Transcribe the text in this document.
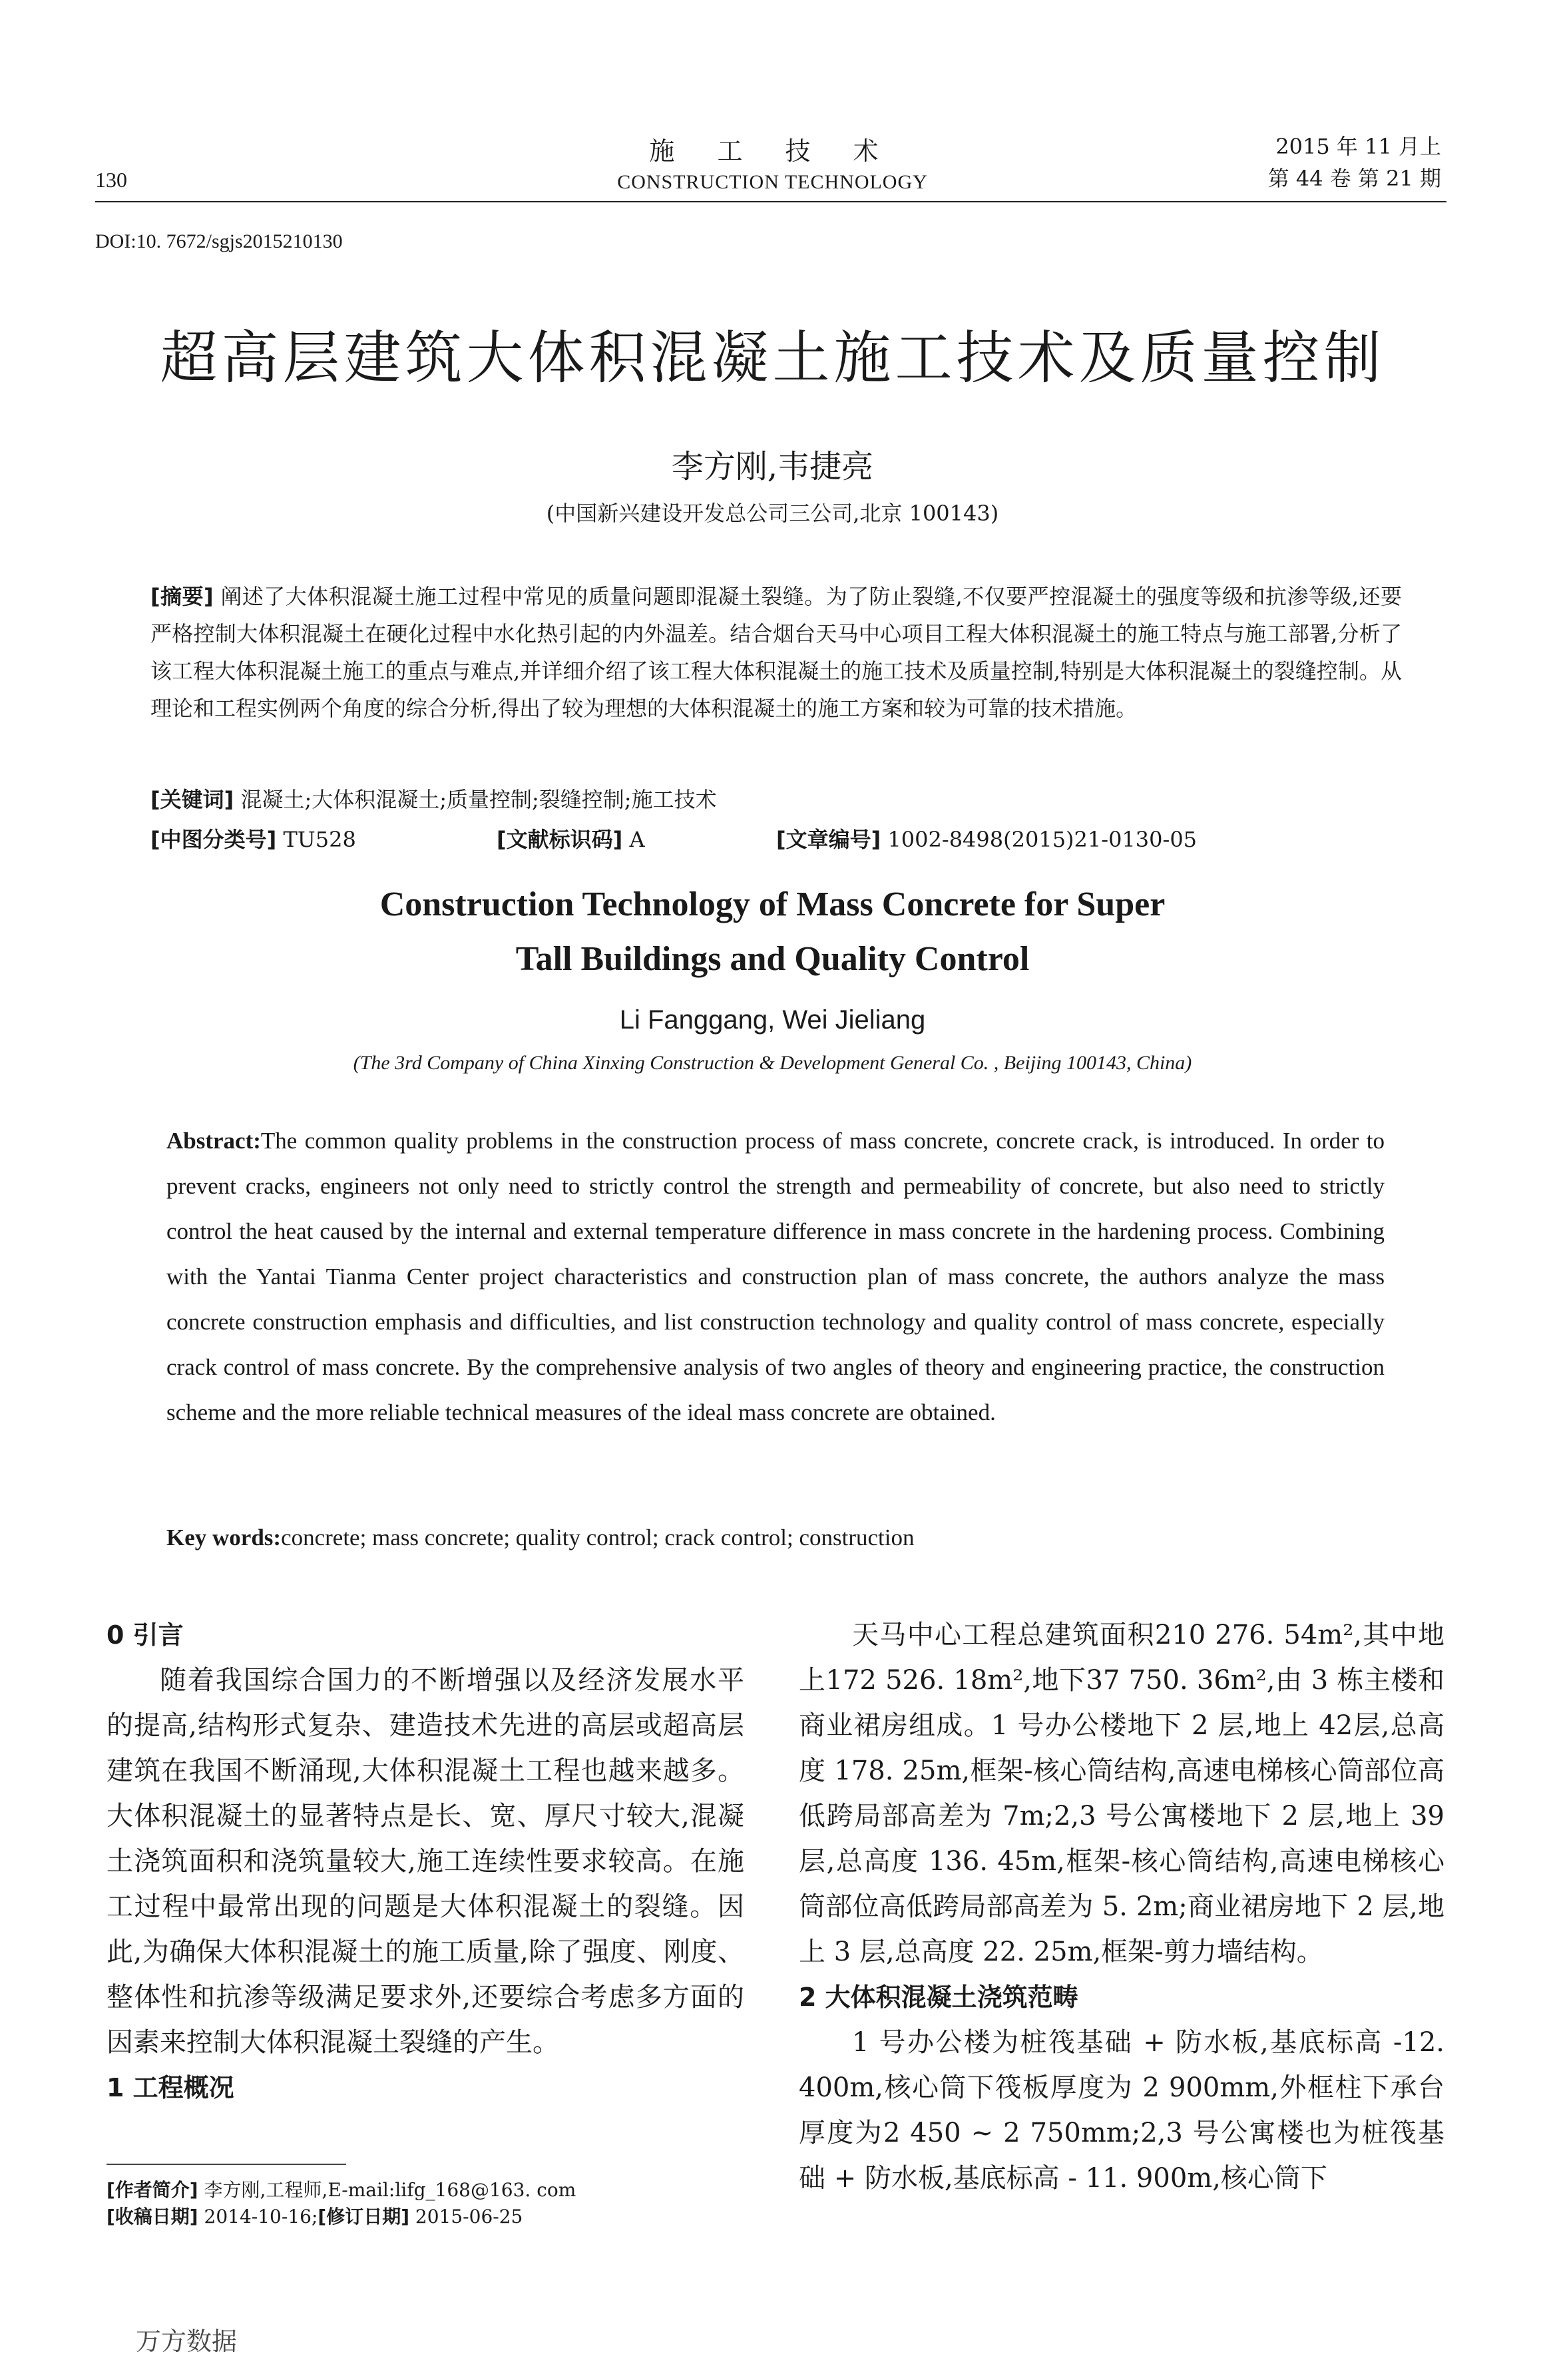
130
施 工 技 术
CONSTRUCTION TECHNOLOGY
2015 年 11 月上
第 44 卷 第 21 期
DOI:10. 7672/sgjs2015210130
超高层建筑大体积混凝土施工技术及质量控制
李方刚,韦捷亮
(中国新兴建设开发总公司三公司,北京 100143)
[摘要] 阐述了大体积混凝土施工过程中常见的质量问题即混凝土裂缝。为了防止裂缝,不仅要严控混凝土的强度等级和抗渗等级,还要严格控制大体积混凝土在硬化过程中水化热引起的内外温差。结合烟台天马中心项目工程大体积混凝土的施工特点与施工部署,分析了该工程大体积混凝土施工的重点与难点,并详细介绍了该工程大体积混凝土的施工技术及质量控制,特别是大体积混凝土的裂缝控制。从理论和工程实例两个角度的综合分析,得出了较为理想的大体积混凝土的施工方案和较为可靠的技术措施。
[关键词] 混凝土;大体积混凝土;质量控制;裂缝控制;施工技术
[中图分类号] TU528	[文献标识码] A	[文章编号] 1002-8498(2015)21-0130-05
Construction Technology of Mass Concrete for Super
Tall Buildings and Quality Control
Li Fanggang, Wei Jieliang
(The 3rd Company of China Xinxing Construction & Development General Co. , Beijing 100143, China)
Abstract:The common quality problems in the construction process of mass concrete, concrete crack, is introduced. In order to prevent cracks, engineers not only need to strictly control the strength and permeability of concrete, but also need to strictly control the heat caused by the internal and external temperature difference in mass concrete in the hardening process. Combining with the Yantai Tianma Center project characteristics and construction plan of mass concrete, the authors analyze the mass concrete construction emphasis and difficulties, and list construction technology and quality control of mass concrete, especially crack control of mass concrete. By the comprehensive analysis of two angles of theory and engineering practice, the construction scheme and the more reliable technical measures of the ideal mass concrete are obtained.
Key words:concrete; mass concrete; quality control; crack control; construction
0 引言
随着我国综合国力的不断增强以及经济发展水平的提高,结构形式复杂、建造技术先进的高层或超高层建筑在我国不断涌现,大体积混凝土工程也越来越多。大体积混凝土的显著特点是长、宽、厚尺寸较大,混凝土浇筑面积和浇筑量较大,施工连续性要求较高。在施工过程中最常出现的问题是大体积混凝土的裂缝。因此,为确保大体积混凝土的施工质量,除了强度、刚度、整体性和抗渗等级满足要求外,还要综合考虑多方面的因素来控制大体积混凝土裂缝的产生。
1 工程概况
天马中心工程总建筑面积210 276. 54m²,其中地上172 526. 18m²,地下37 750. 36m²,由 3 栋主楼和商业裙房组成。1 号办公楼地下 2 层,地上 42层,总高度 178. 25m,框架-核心筒结构,高速电梯核心筒部位高低跨局部高差为 7m;2,3 号公寓楼地下 2 层,地上 39 层,总高度 136. 45m,框架-核心筒结构,高速电梯核心筒部位高低跨局部高差为 5. 2m;商业裙房地下 2 层,地上 3 层,总高度 22. 25m,框架-剪力墙结构。
2 大体积混凝土浇筑范畴
1 号办公楼为桩筏基础 + 防水板,基底标高 -12. 400m,核心筒下筏板厚度为 2 900mm,外框柱下承台厚度为2 450 ~ 2 750mm;2,3 号公寓楼也为桩筏基础 + 防水板,基底标高 - 11. 900m,核心筒下
[作者简介] 李方刚,工程师,E-mail:lifg_168@163. com
[收稿日期] 2014-10-16;[修订日期] 2015-06-25
万方数据
